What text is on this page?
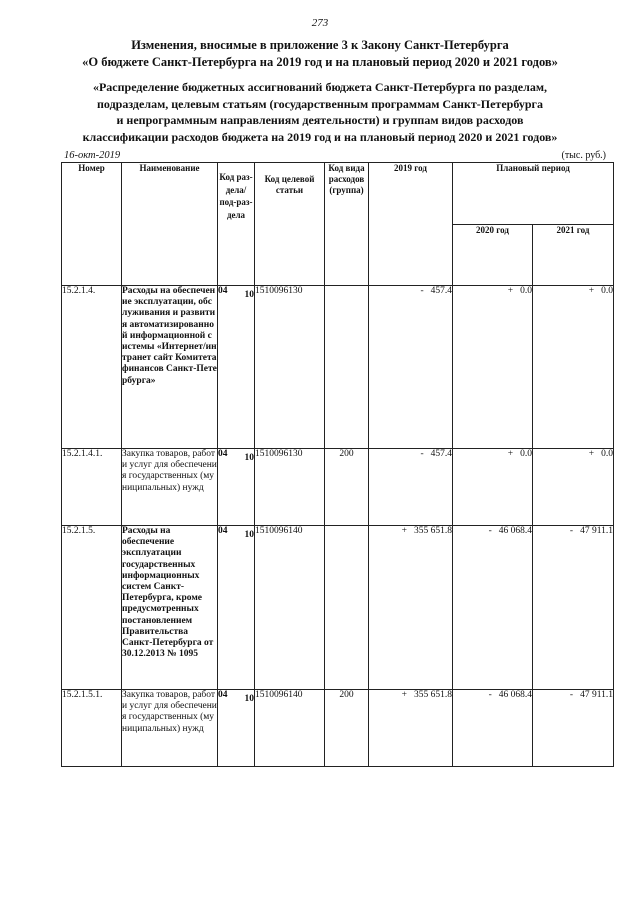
273
Изменения, вносимые в приложение 3 к Закону Санкт-Петербурга
«О бюджете Санкт-Петербурга на 2019 год и на плановый период 2020 и 2021 годов»
«Распределение бюджетных ассигнований бюджета Санкт-Петербурга по разделам,
подразделам, целевым статьям (государственным программам Санкт-Петербурга
и непрограммным направлениям деятельности) и группам видов расходов
классификации расходов бюджета на 2019 год и на плановый период 2020 и 2021 годов»
16-окт-2019	(тыс. руб.)
Номер	Наименование	Код раз-дела/ под-раз-дела	Код целевой статьи	Код вида расходов (группа)	2019 год	Плановый период	
						2020 год	2021 год
15.2.1.4.	Расходы на обеспечение эксплуатации, обслуживания и развития автоматизированной информационной системы «Интернет/интранет сайт Комитета финансов Санкт-Петербурга»	04 10	1510096130		- 457.4	+ 0.0	+ 0.0
15.2.1.4.1.	Закупка товаров, работ и услуг для обеспечения государственных (муниципальных) нужд	04 10	1510096130	200	- 457.4	+ 0.0	+ 0.0
15.2.1.5.	Расходы на обеспечение эксплуатации государственных информационных систем Санкт-Петербурга, кроме предусмотренных постановлением Правительства Санкт-Петербурга от 30.12.2013 № 1095	04 10	1510096140		+ 355 651.8	- 46 068.4	- 47 911.1
15.2.1.5.1.	Закупка товаров, работ и услуг для обеспечения государственных (муниципальных) нужд	04 10	1510096140	200	+ 355 651.8	- 46 068.4	- 47 911.1
